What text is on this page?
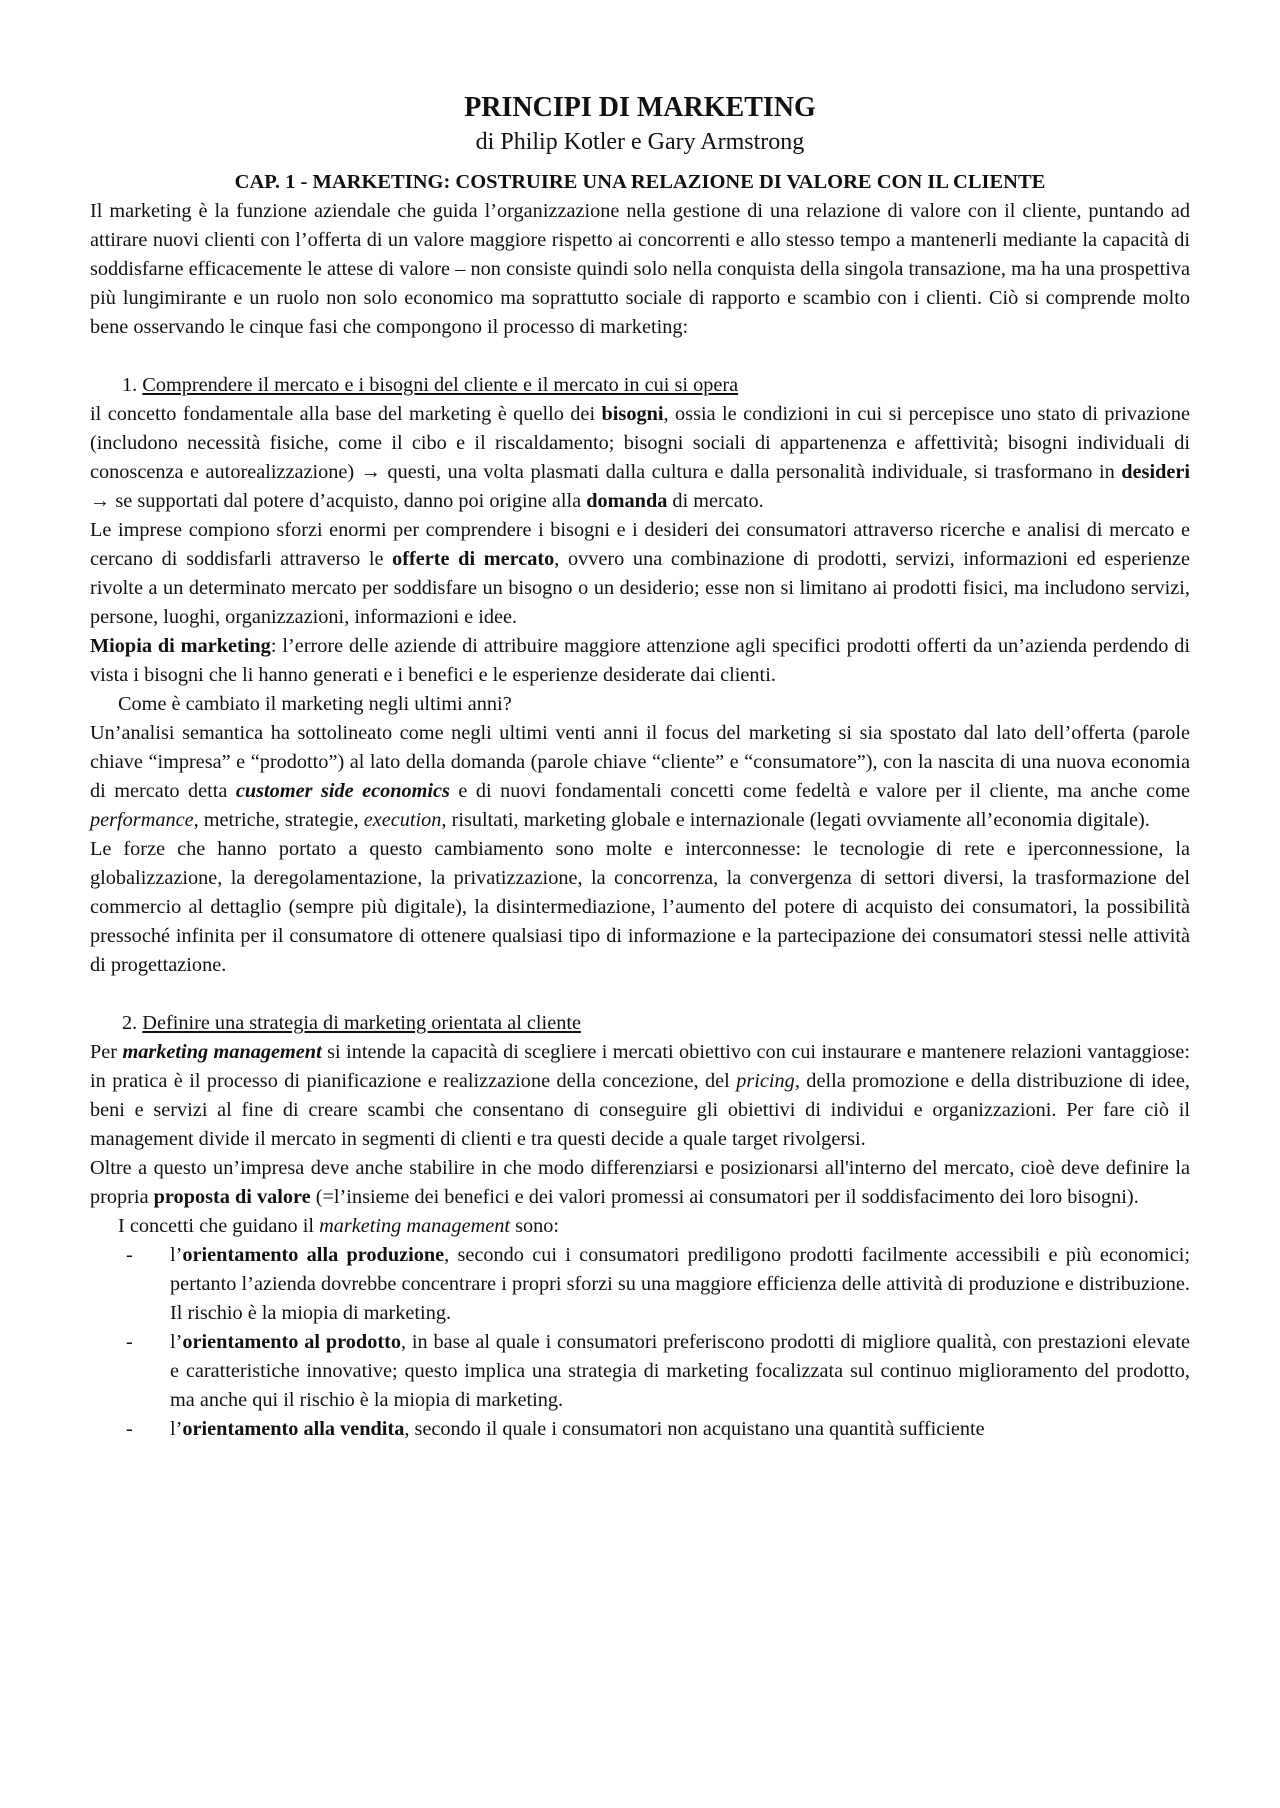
PRINCIPI DI MARKETING
di Philip Kotler e Gary Armstrong
CAP. 1 - MARKETING: COSTRUIRE UNA RELAZIONE DI VALORE CON IL CLIENTE

Il marketing è la funzione aziendale che guida l’organizzazione nella gestione di una relazione di valore con il cliente, puntando ad attirare nuovi clienti con l’offerta di un valore maggiore rispetto ai concorrenti e allo stesso tempo a mantenerli mediante la capacità di soddisfarne efficacemente le attese di valore – non consiste quindi solo nella conquista della singola transazione, ma ha una prospettiva più lungimirante e un ruolo non solo economico ma soprattutto sociale di rapporto e scambio con i clienti. Ciò si comprende molto bene osservando le cinque fasi che compongono il processo di marketing:

1. Comprendere il mercato e i bisogni del cliente e il mercato in cui si opera

il concetto fondamentale alla base del marketing è quello dei bisogni, ossia le condizioni in cui si percepisce uno stato di privazione (includono necessità fisiche, come il cibo e il riscaldamento; bisogni sociali di appartenenza e affettività; bisogni individuali di conoscenza e autorealizzazione) → questi, una volta plasmati dalla cultura e dalla personalità individuale, si trasformano in desideri → se supportati dal potere d’acquisto, danno poi origine alla domanda di mercato.

Le imprese compiono sforzi enormi per comprendere i bisogni e i desideri dei consumatori attraverso ricerche e analisi di mercato e cercano di soddisfarli attraverso le offerte di mercato, ovvero una combinazione di prodotti, servizi, informazioni ed esperienze rivolte a un determinato mercato per soddisfare un bisogno o un desiderio; esse non si limitano ai prodotti fisici, ma includono servizi, persone, luoghi, organizzazioni, informazioni e idee.

Miopia di marketing: l’errore delle aziende di attribuire maggiore attenzione agli specifici prodotti offerti da un’azienda perdendo di vista i bisogni che li hanno generati e i benefici e le esperienze desiderate dai clienti.

Come è cambiato il marketing negli ultimi anni?

Un’analisi semantica ha sottolineato come negli ultimi venti anni il focus del marketing si sia spostato dal lato dell’offerta (parole chiave “impresa” e “prodotto”) al lato della domanda (parole chiave “cliente” e “consumatore”), con la nascita di una nuova economia di mercato detta customer side economics e di nuovi fondamentali concetti come fedeltà e valore per il cliente, ma anche come performance, metriche, strategie, execution, risultati, marketing globale e internazionale (legati ovviamente all’economia digitale).

Le forze che hanno portato a questo cambiamento sono molte e interconnesse: le tecnologie di rete e iperconnessione, la globalizzazione, la deregolamentazione, la privatizzazione, la concorrenza, la convergenza di settori diversi, la trasformazione del commercio al dettaglio (sempre più digitale), la disintermediazione, l’aumento del potere di acquisto dei consumatori, la possibilità pressoché infinita per il consumatore di ottenere qualsiasi tipo di informazione e la partecipazione dei consumatori stessi nelle attività di progettazione.

2. Definire una strategia di marketing orientata al cliente

Per marketing management si intende la capacità di scegliere i mercati obiettivo con cui instaurare e mantenere relazioni vantaggiose: in pratica è il processo di pianificazione e realizzazione della concezione, del pricing, della promozione e della distribuzione di idee, beni e servizi al fine di creare scambi che consentano di conseguire gli obiettivi di individui e organizzazioni. Per fare ciò il management divide il mercato in segmenti di clienti e tra questi decide a quale target rivolgersi.

Oltre a questo un’impresa deve anche stabilire in che modo differenziarsi e posizionarsi all'interno del mercato, cioè deve definire la propria proposta di valore (=l’insieme dei benefici e dei valori promessi ai consumatori per il soddisfacimento dei loro bisogni).

I concetti che guidano il marketing management sono:

- l’orientamento alla produzione, secondo cui i consumatori prediligono prodotti facilmente accessibili e più economici; pertanto l’azienda dovrebbe concentrare i propri sforzi su una maggiore efficienza delle attività di produzione e distribuzione. Il rischio è la miopia di marketing.
- l’orientamento al prodotto, in base al quale i consumatori preferiscono prodotti di migliore qualità, con prestazioni elevate e caratteristiche innovative; questo implica una strategia di marketing focalizzata sul continuo miglioramento del prodotto, ma anche qui il rischio è la miopia di marketing.
- l’orientamento alla vendita, secondo il quale i consumatori non acquistano una quantità sufficiente
